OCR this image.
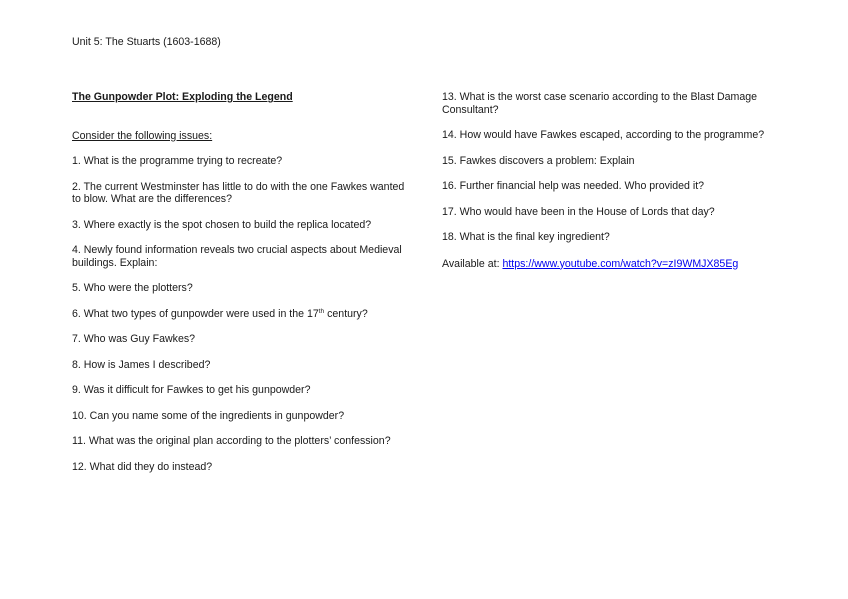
Unit 5: The Stuarts (1603-1688)
The Gunpowder Plot: Exploding the Legend
Consider the following issues:
1. What is the programme trying to recreate?
2. The current Westminster has little to do with the one Fawkes wanted to blow. What are the differences?
3. Where exactly is the spot chosen to build the replica located?
4. Newly found information reveals two crucial aspects about Medieval buildings. Explain:
5. Who were the plotters?
6. What two types of gunpowder were used in the 17th century?
7. Who was Guy Fawkes?
8. How is James I described?
9. Was it difficult for Fawkes to get his gunpowder?
10. Can you name some of the ingredients in gunpowder?
11. What was the original plan according to the plotters’ confession?
12. What did they do instead?
13. What is the worst case scenario according to the Blast Damage Consultant?
14. How would have Fawkes escaped, according to the programme?
15. Fawkes discovers a problem: Explain
16. Further financial help was needed. Who provided it?
17. Who would have been in the House of Lords that day?
18. What is the final key ingredient?
Available at: https://www.youtube.com/watch?v=zI9WMJX85Eg
